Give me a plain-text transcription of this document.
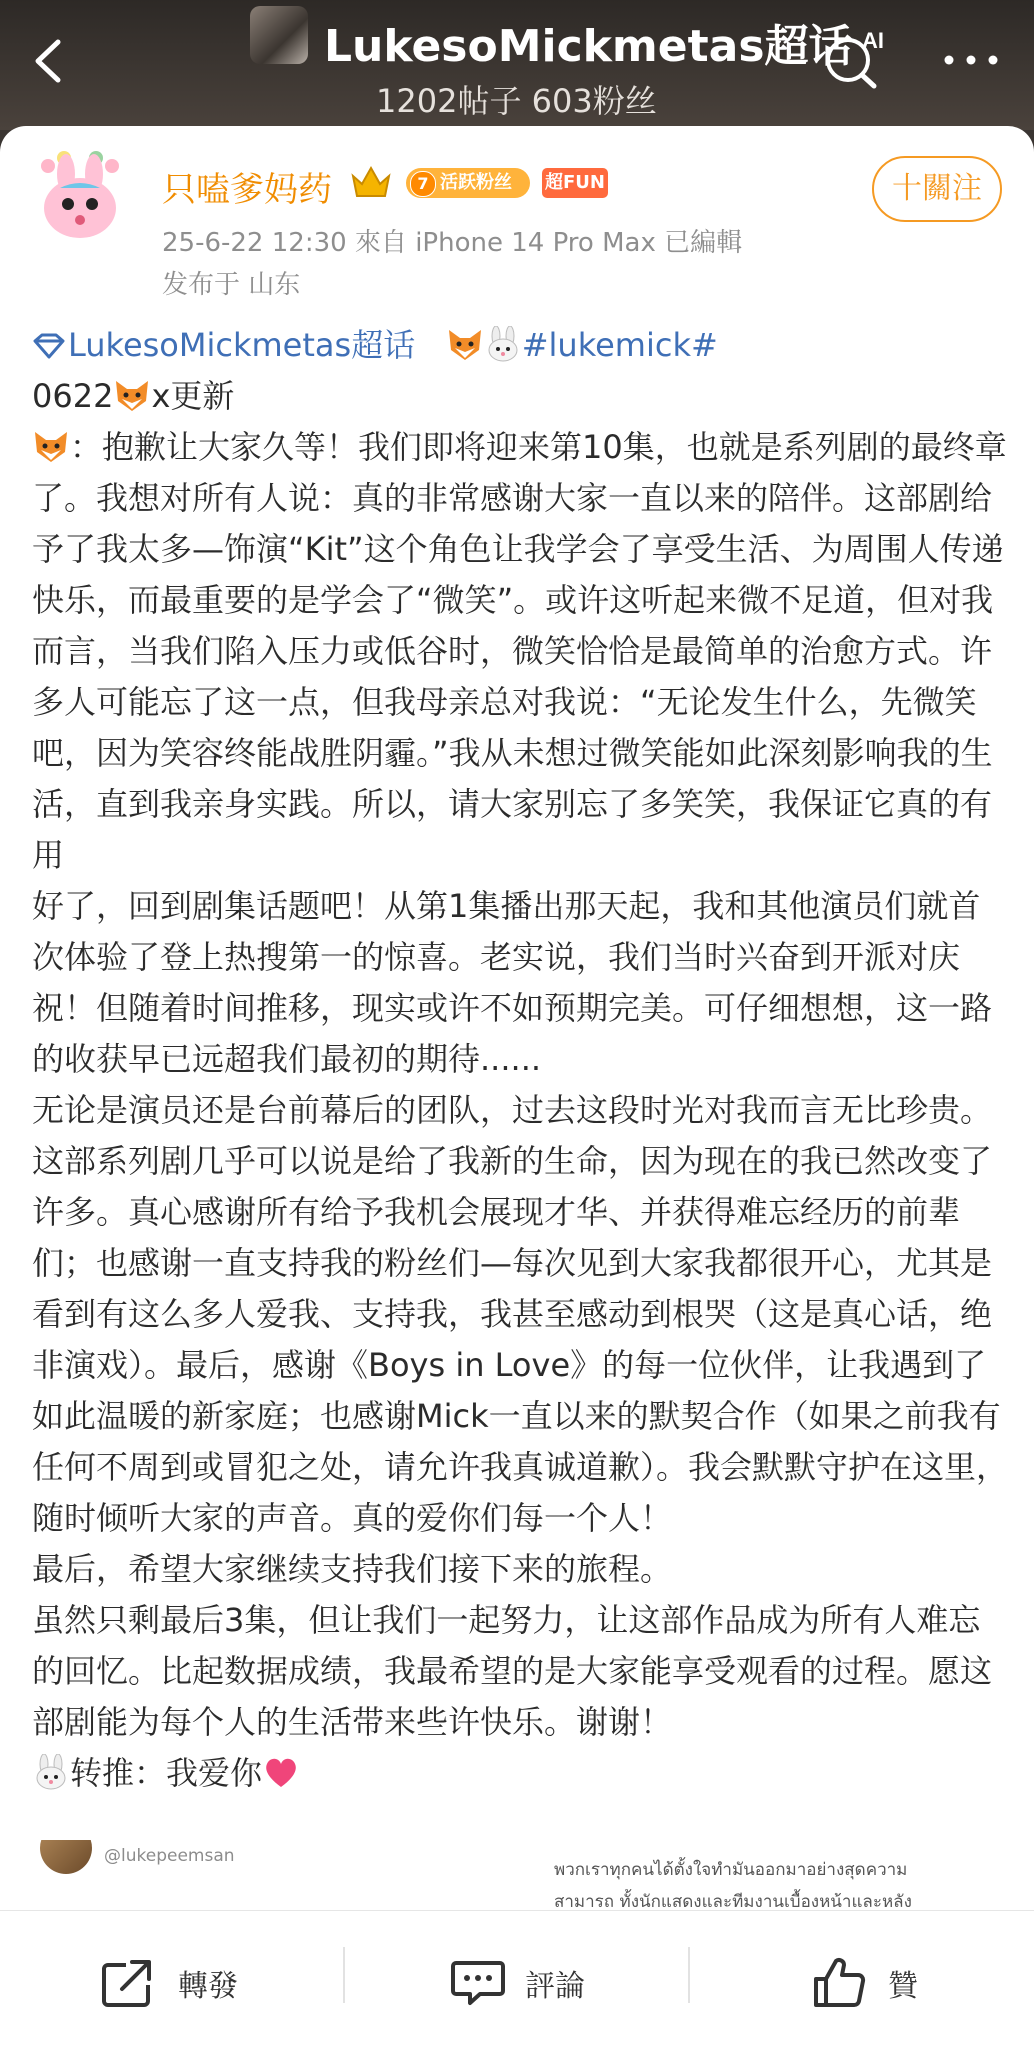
LukesoMickmetas超话
1202帖子 603粉丝
AI
只嗑爹妈药	7 活跃粉丝 超FUN	十關注
25-6-22 12:30 來自 iPhone 14 Pro Max 已編輯
发布于 山东
LukesoMickmetas超话	#lukemick#
0622 x更新
：抱歉让大家久等！我们即将迎来第10集，也就是系列剧的最终章了。我想对所有人说：真的非常感谢大家一直以来的陪伴。这部剧给予了我太多—饰演“Kit”这个角色让我学会了享受生活、为周围人传递快乐，而最重要的是学会了“微笑”。或许这听起来微不足道，但对我而言，当我们陷入压力或低谷时，微笑恰恰是最简单的治愈方式。许多人可能忘了这一点，但我母亲总对我说：“无论发生什么，先微笑吧，因为笑容终能战胜阴霾。”我从未想过微笑能如此深刻影响我的生活，直到我亲身实践。所以，请大家别忘了多笑笑，我保证它真的有用
好了，回到剧集话题吧！从第1集播出那天起，我和其他演员们就首次体验了登上热搜第一的惊喜。老实说，我们当时兴奋到开派对庆祝！但随着时间推移，现实或许不如预期完美。可仔细想想，这一路的收获早已远超我们最初的期待......
无论是演员还是台前幕后的团队，过去这段时光对我而言无比珍贵。这部系列剧几乎可以说是给了我新的生命，因为现在的我已然改变了许多。真心感谢所有给予我机会展现才华、并获得难忘经历的前辈们；也感谢一直支持我的粉丝们—每次见到大家我都很开心，尤其是看到有这么多人爱我、支持我，我甚至感动到根哭（这是真心话，绝非演戏）。最后，感谢《Boys in Love》的每一位伙伴，让我遇到了如此温暖的新家庭；也感谢Mick一直以来的默契合作（如果之前我有任何不周到或冒犯之处，请允许我真诚道歉）。我会默默守护在这里，随时倾听大家的声音。真的爱你们每一个人！
最后，希望大家继续支持我们接下来的旅程。
虽然只剩最后3集，但让我们一起努力，让这部作品成为所有人难忘的回忆。比起数据成绩，我最希望的是大家能享受观看的过程。愿这部剧能为每个人的生活带来些许快乐。谢谢！
转推：我爱你
@lukepeemsan
พวกเราทุกคนได้ตั้งใจทำมันออกมาอย่างสุดความ
สามารถ ทั้งนักแสดงและทีมงานเบื้องหน้าและหลัง
轉發	評論	贊
